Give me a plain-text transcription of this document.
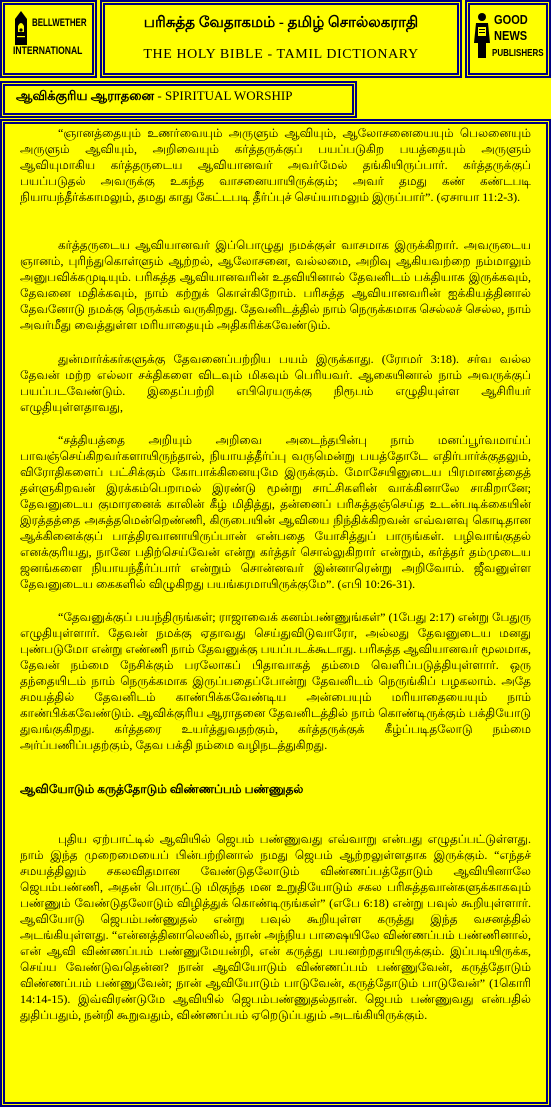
BELLWETHER
INTERNATIONAL
பரிசுத்த வேதாகமம் - தமிழ் சொல்லகராதி
THE HOLY BIBLE - TAMIL DICTIONARY
GOOD
NEWS
PUBLISHERS
ஆவிக்குரிய ஆராதனை - SPIRITUAL WORSHIP

“ஞானத்தையும் உணர்வையும் அருளும் ஆவியும், ஆலோசனையையும் பெலனையும் அருளும் ஆவியும், அறிவையும் கர்த்தருக்குப் பயப்படுகிற பயத்தையும் அருளும் ஆவியுமாகிய கர்த்தருடைய ஆவியானவர் அவர்மேல் தங்கியிருப்பார். கர்த்தருக்குப் பயப்படுதல் அவருக்கு உகந்த வாசனையாயிருக்கும்; அவர் தமது கண் கண்டபடி நியாயந்தீர்க்காமலும், தமது காது கேட்டபடி தீர்ப்புச் செய்யாமலும் இருப்பார்”. (ஏசாயா 11:2-3).

கர்த்தருடைய ஆவியானவர் இப்பொழுது நமக்குள் வாசமாக இருக்கிறார். அவருடைய ஞானம், புரிந்துகொள்ளும் ஆற்றல், ஆலோசனை, வல்லமை, அறிவு ஆகியவற்றை நம்மாலும் அனுபவிக்கமுடியும். பரிசுத்த ஆவியானவரின் உதவியினால் தேவனிடம் பக்தியாக இருக்கவும், தேவனை மதிக்கவும், நாம் கற்றுக் கொள்கிறோம். பரிசுத்த ஆவியானவரின் ஐக்கியத்தினால் தேவனோடு நமக்கு நெருக்கம் வருகிறது. தேவனிடத்தில் நாம் நெருக்கமாக செல்லச் செல்ல, நாம் அவர்மீது வைத்துள்ள மரியாதையும் அதிகரிக்கவேண்டும்.

துன்மார்க்கர்களுக்கு தேவனைப்பற்றிய பயம் இருக்காது. (ரோமர் 3:18). சர்வ வல்ல தேவன் மற்ற எல்லா சக்திகளை விடவும் மிகவும் பெரியவர். ஆகையினால் நாம் அவருக்குப் பயப்படவேண்டும். இதைப்பற்றி எபிரெயருக்கு நிரூபம் எழுதியுள்ள ஆசிரியர் எழுதியுள்ளதாவது,

“சத்தியத்தை அறியும் அறிவை அடைந்தபின்பு நாம் மனப்பூர்வமாய்ப் பாவஞ்செய்கிறவர்களாயிருந்தால், நியாயத்தீர்ப்பு வருமென்று பயத்தோடே எதிர்பார்க்குதலும், விரோதிகளைப் பட்சிக்கும் கோபாக்கினையுமே இருக்கும். மோசேயினுடைய பிரமாணத்தைத் தள்ளுகிறவன் இரக்கம்பெறாமல் இரண்டு மூன்று சாட்சிகளின் வாக்கினாலே சாகிறானே; தேவனுடைய குமாரனைக் காலின் கீழ் மிதித்து, தன்னைப் பரிசுத்தஞ்செய்த உடன்படிக்கையின் இரத்தத்தை அசுத்தமென்றெண்ணி, கிருபையின் ஆவியை நிந்திக்கிறவன் எவ்வளவு கொடிதான ஆக்கினைக்குப் பாத்திரவானாயிருப்பான் என்பதை யோசித்துப் பாருங்கள். பழிவாங்குதல் எனக்குரியது, நானே பதிற்செய்வேன் என்று கர்த்தர் சொல்லுகிறார் என்றும், கர்த்தர் தம்முடைய ஜனங்களை நியாயந்தீர்ப்பார் என்றும் சொன்னவர் இன்னாரென்று அறிவோம். ஜீவனுள்ள தேவனுடைய கைகளில் விழுகிறது பயங்கரமாயிருக்குமே”. (எபி 10:26-31).

“தேவனுக்குப் பயந்திருங்கள்; ராஜாவைக் கனம்பண்ணுங்கள்” (1பேது 2:17) என்று பேதுரு எழுதியுள்ளார். தேவன் நமக்கு ஏதாவது செய்துவிடுவாரோ, அல்லது தேவனுடைய மனது புண்படுமோ என்று எண்ணி நாம் தேவனுக்கு பயப்படக்கூடாது. பரிசுத்த ஆவியானவர் மூலமாக, தேவன் நம்மை நேசிக்கும் பரலோகப் பிதாவாகத் தம்மை வெளிப்படுத்தியுள்ளார். ஒரு தந்தையிடம் நாம் நெருக்கமாக இருப்பதைப்போன்று தேவனிடம் நெருங்கிப் பழகலாம். அதே சமயத்தில் தேவனிடம் காண்பிக்கவேண்டிய அன்பையும் மரியாதையையும் நாம் காண்பிக்கவேண்டும். ஆவிக்குரிய ஆராதனை தேவனிடத்தில் நாம் கொண்டிருக்கும் பக்தியோடு துவங்குகிறது. கர்த்தரை உயர்த்துவதற்கும், கர்த்தருக்குக் கீழ்ப்படிதலோடு நம்மை அர்ப்பணிப்பதற்கும், தேவ பக்தி நம்மை வழிநடத்துகிறது.

ஆவியோடும் கருத்தோடும் விண்ணப்பம் பண்ணுதல்

புதிய ஏற்பாட்டில் ஆவியில் ஜெபம் பண்ணுவது எவ்வாறு என்பது எழுதப்பட்டுள்ளது. நாம் இந்த முறைமையைப் பின்பற்றினால் நமது ஜெபம் ஆற்றலுள்ளதாக இருக்கும். “எந்தச் சமயத்திலும் சகலவிதமான வேண்டுதலோடும் விண்ணப்பத்தோடும் ஆவியினாலே ஜெபம்பண்ணி, அதன் பொருட்டு மிகுந்த மன உறுதியோடும் சகல பரிசுத்தவான்களுக்காகவும் பண்ணும் வேண்டுதலோடும் விழித்துக் கொண்டிருங்கள்” (எபே 6:18) என்று பவுல் கூறியுள்ளார். ஆவியோடு ஜெபம்பண்ணுதல் என்று பவுல் கூறியுள்ள கருத்து இந்த வசனத்தில் அடங்கியுள்ளது. “என்னத்தினாலெனில், நான் அந்நிய பாஷையிலே விண்ணப்பம் பண்ணினால், என் ஆவி விண்ணப்பம் பண்ணுமேயன்றி, என் கருத்து பயனற்றதாயிருக்கும். இப்படியிருக்க, செய்ய வேண்டுவதென்ன? நான் ஆவியோடும் விண்ணப்பம் பண்ணுவேன், கருத்தோடும் விண்ணப்பம் பண்ணுவேன்; நான் ஆவியோடும் பாடுவேன், கருத்தோடும் பாடுவேன்” (1கொரி 14:14-15). இவ்விரண்டுமே ஆவியில் ஜெபம்பண்ணுதல்தான். ஜெபம் பண்ணுவது என்பதில் துதிப்பதும், நன்றி கூறுவதும், விண்ணப்பம் ஏறெடுப்பதும் அடங்கியிருக்கும்.
